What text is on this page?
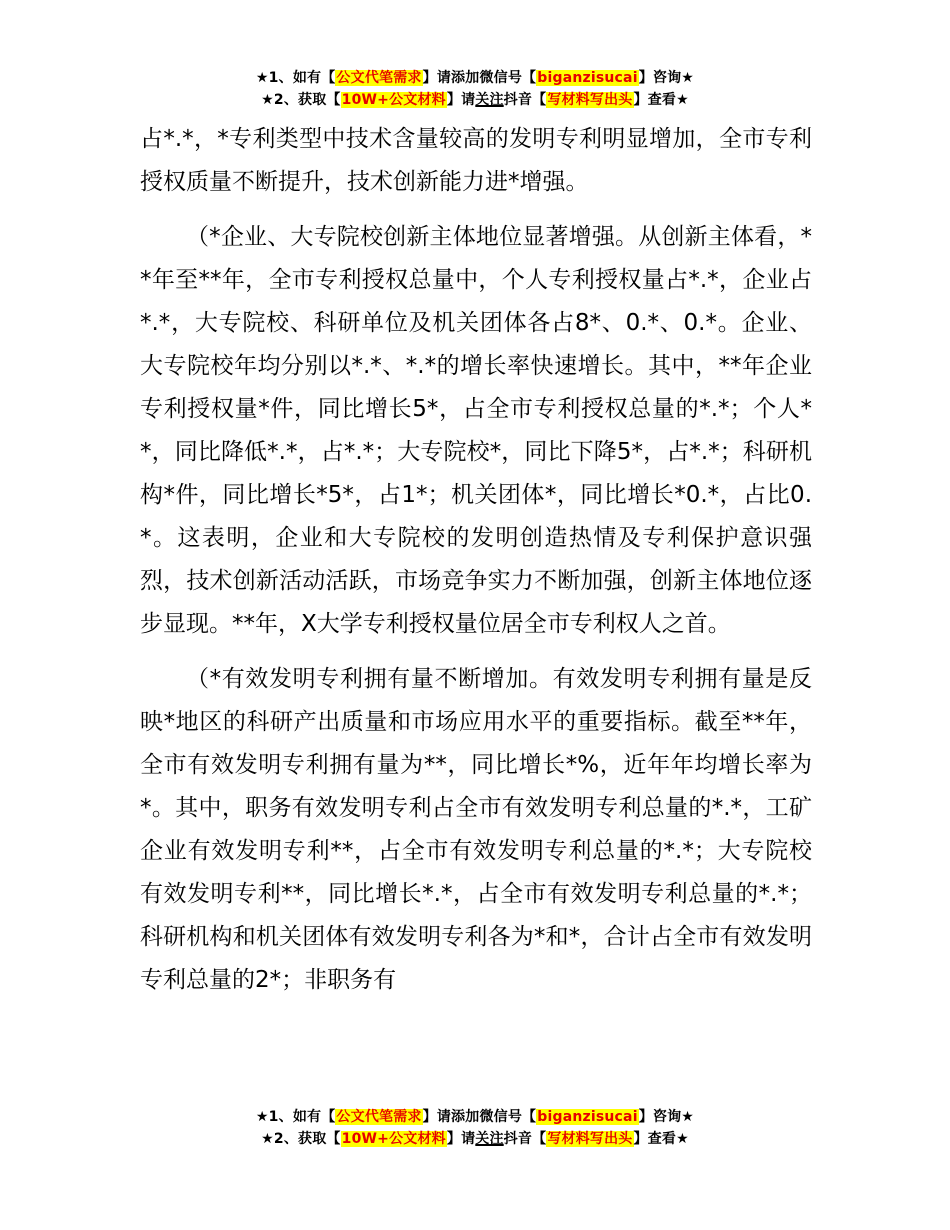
★1、如有【公文代笔需求】请添加微信号【biganzisucai】咨询★
★2、获取【10W+公文材料】请关注抖音【写材料写出头】查看★

占*.*，*专利类型中技术含量较高的发明专利明显增加，全市专利授权质量不断提升，技术创新能力进*增强。

（*企业、大专院校创新主体地位显著增强。从创新主体看，**年至**年，全市专利授权总量中，个人专利授权量占*.*，企业占*.*，大专院校、科研单位及机关团体各占8*、0.*、0.*。企业、大专院校年均分别以*.*、*.*的增长率快速增长。其中，**年企业专利授权量*件，同比增长5*，占全市专利授权总量的*.*；个人**，同比降低*.*，占*.*；大专院校*，同比下降5*，占*.*；科研机构*件，同比增长*5*，占1*；机关团体*，同比增长*0.*，占比0.*。这表明，企业和大专院校的发明创造热情及专利保护意识强烈，技术创新活动活跃，市场竞争实力不断加强，创新主体地位逐步显现。**年，X大学专利授权量位居全市专利权人之首。

（*有效发明专利拥有量不断增加。有效发明专利拥有量是反映*地区的科研产出质量和市场应用水平的重要指标。截至**年，全市有效发明专利拥有量为**，同比增长*%，近年年均增长率为*。其中，职务有效发明专利占全市有效发明专利总量的*.*，工矿企业有效发明专利**，占全市有效发明专利总量的*.*；大专院校有效发明专利**，同比增长*.*，占全市有效发明专利总量的*.*；科研机构和机关团体有效发明专利各为*和*，合计占全市有效发明专利总量的2*；非职务有

★1、如有【公文代笔需求】请添加微信号【biganzisucai】咨询★
★2、获取【10W+公文材料】请关注抖音【写材料写出头】查看★
